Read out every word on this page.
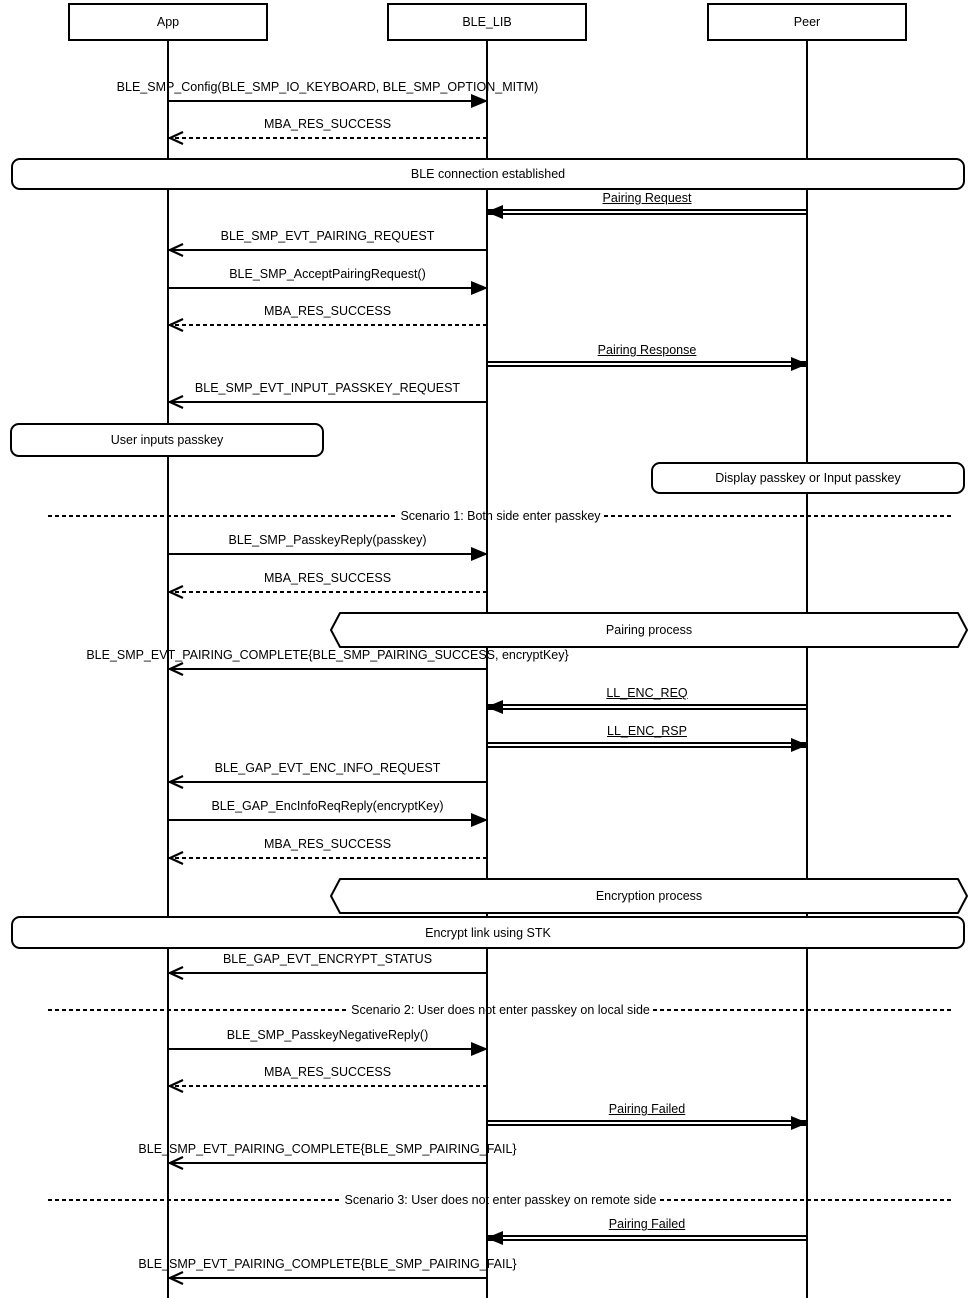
App	BLE_LIB	Peer
BLE_SMP_Config(BLE_SMP_IO_KEYBOARD, BLE_SMP_OPTION_MITM)
MBA_RES_SUCCESS
Pairing Request
BLE_SMP_EVT_PAIRING_REQUEST
BLE_SMP_AcceptPairingRequest()
MBA_RES_SUCCESS
Pairing Response
BLE_SMP_EVT_INPUT_PASSKEY_REQUEST
BLE_SMP_PasskeyReply(passkey)
MBA_RES_SUCCESS
BLE_SMP_EVT_PAIRING_COMPLETE{BLE_SMP_PAIRING_SUCCESS, encryptKey}
LL_ENC_REQ
LL_ENC_RSP
BLE_GAP_EVT_ENC_INFO_REQUEST
BLE_GAP_EncInfoReqReply(encryptKey)
MBA_RES_SUCCESS
BLE_GAP_EVT_ENCRYPT_STATUS
BLE_SMP_PasskeyNegativeReply()
MBA_RES_SUCCESS
Pairing Failed
BLE_SMP_EVT_PAIRING_COMPLETE{BLE_SMP_PAIRING_FAIL}
Pairing Failed
BLE_SMP_EVT_PAIRING_COMPLETE{BLE_SMP_PAIRING_FAIL}
BLE connection established
User inputs passkey
Display passkey or Input passkey
Encrypt link using STK
Pairing process
Encryption process
Scenario 1: Both side enter passkey
Scenario 2: User does not enter passkey on local side
Scenario 3: User does not enter passkey on remote side
